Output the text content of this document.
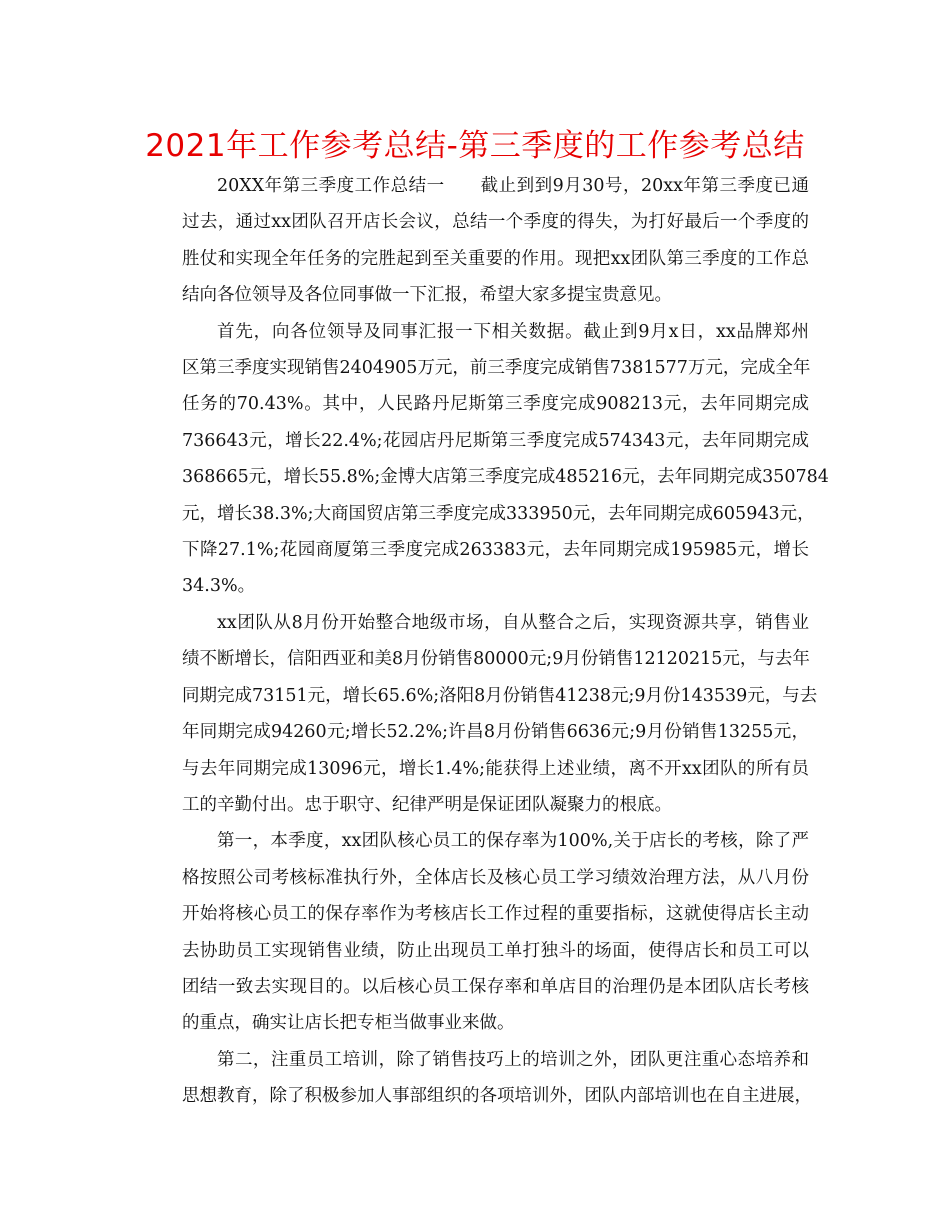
2021年工作参考总结-第三季度的工作参考总结
20XX年第三季度工作总结一　　截止到到9月30号，20xx年第三季度已通
过去，通过xx团队召开店长会议，总结一个季度的得失，为打好最后一个季度的
胜仗和实现全年任务的完胜起到至关重要的作用。现把xx团队第三季度的工作总
结向各位领导及各位同事做一下汇报，希望大家多提宝贵意见。
首先，向各位领导及同事汇报一下相关数据。截止到9月x日，xx品牌郑州
区第三季度实现销售2404905万元，前三季度完成销售7381577万元，完成全年
任务的70.43%。其中，人民路丹尼斯第三季度完成908213元，去年同期完成
736643元，增长22.4%;花园店丹尼斯第三季度完成574343元，去年同期完成
368665元，增长55.8%;金博大店第三季度完成485216元，去年同期完成350784
元，增长38.3%;大商国贸店第三季度完成333950元，去年同期完成605943元，
下降27.1%;花园商厦第三季度完成263383元，去年同期完成195985元，增长
34.3%。
xx团队从8月份开始整合地级市场，自从整合之后，实现资源共享，销售业
绩不断增长，信阳西亚和美8月份销售80000元;9月份销售12120215元，与去年
同期完成73151元，增长65.6%;洛阳8月份销售41238元;9月份143539元，与去
年同期完成94260元;增长52.2%;许昌8月份销售6636元;9月份销售13255元，
与去年同期完成13096元，增长1.4%;能获得上述业绩，离不开xx团队的所有员
工的辛勤付出。忠于职守、纪律严明是保证团队凝聚力的根底。
第一，本季度，xx团队核心员工的保存率为100%,关于店长的考核，除了严
格按照公司考核标准执行外，全体店长及核心员工学习绩效治理方法，从八月份
开始将核心员工的保存率作为考核店长工作过程的重要指标，这就使得店长主动
去协助员工实现销售业绩，防止出现员工单打独斗的场面，使得店长和员工可以
团结一致去实现目的。以后核心员工保存率和单店目的治理仍是本团队店长考核
的重点，确实让店长把专柜当做事业来做。
第二，注重员工培训，除了销售技巧上的培训之外，团队更注重心态培养和
思想教育，除了积极参加人事部组织的各项培训外，团队内部培训也在自主进展，
